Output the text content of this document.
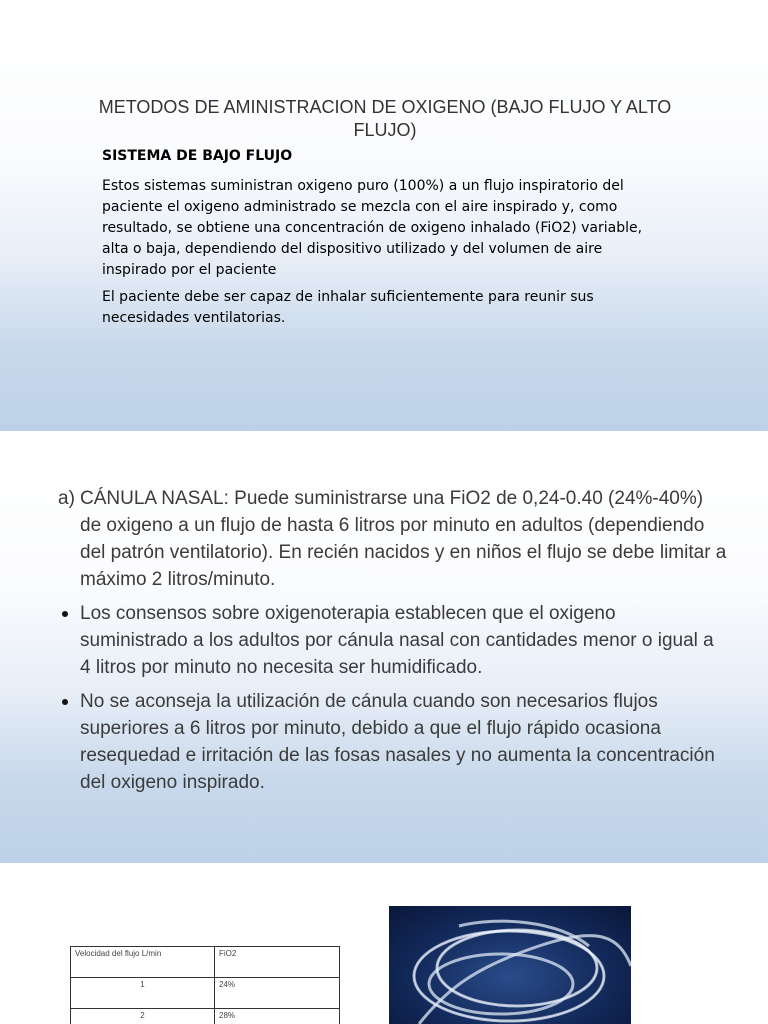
METODOS DE AMINISTRACION DE OXIGENO (BAJO FLUJO Y ALTO FLUJO)
SISTEMA DE BAJO FLUJO
Estos sistemas suministran oxigeno puro (100%) a un flujo inspiratorio del paciente el oxigeno administrado se mezcla con el aire inspirado y, como resultado, se obtiene una concentración de oxigeno inhalado (FiO2) variable, alta o baja, dependiendo del dispositivo utilizado y del volumen de aire inspirado por el paciente
El paciente debe ser capaz de inhalar suficientemente para reunir sus necesidades ventilatorias.
a) CÁNULA NASAL: Puede suministrarse una FiO2 de 0,24-0.40 (24%-40%) de oxigeno a un flujo de hasta 6 litros por minuto en adultos (dependiendo del patrón ventilatorio). En recién nacidos y en niños el flujo se debe limitar a máximo 2 litros/minuto.
Los consensos sobre oxigenoterapia establecen que el oxigeno suministrado a los adultos por cánula nasal con cantidades menor o igual a 4 litros por minuto no necesita ser humidificado.
No se aconseja la utilización de cánula cuando son necesarios flujos superiores a 6 litros por minuto, debido a que el flujo rápido ocasiona resequedad e irritación de las fosas nasales y no aumenta la concentración del oxigeno inspirado.
Velocidad del flujo L/min	FiO2
1	24%
2	28%
